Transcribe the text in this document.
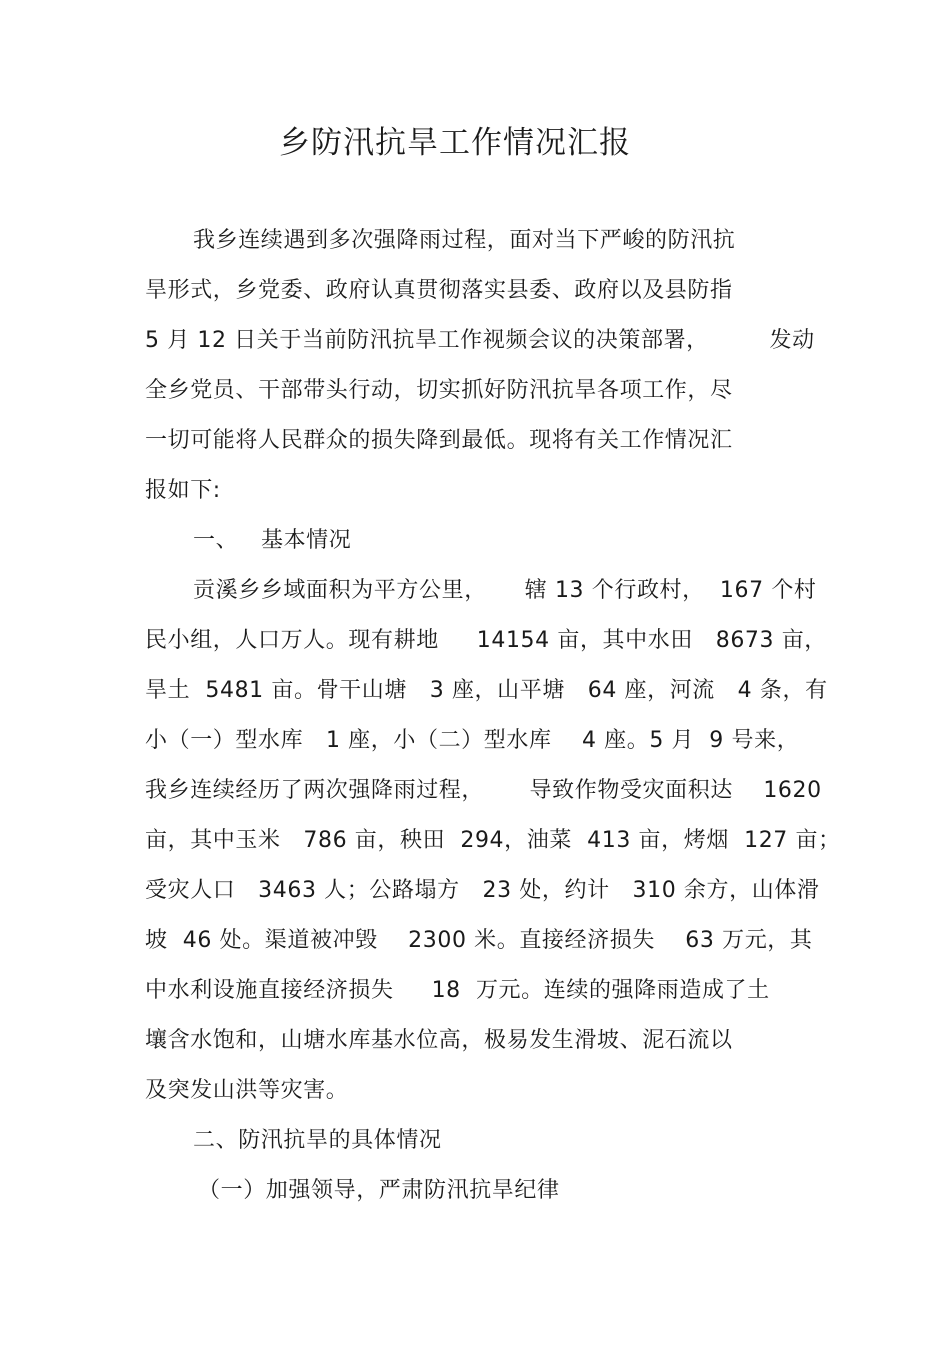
乡防汛抗旱工作情况汇报
我乡连续遇到多次强降雨过程，面对当下严峻的防汛抗
旱形式，乡党委、政府认真贯彻落实县委、政府以及县防指
5 月 12 日关于当前防汛抗旱工作视频会议的决策部署，        发动
全乡党员、干部带头行动，切实抓好防汛抗旱各项工作，尽
一切可能将人民群众的损失降到最低。现将有关工作情况汇
报如下:
一、   基本情况
贡溪乡乡域面积为平方公里，     辖 13 个行政村，  167 个村
民小组，人口万人。现有耕地     14154 亩，其中水田   8673 亩，
旱土  5481 亩。骨干山塘   3 座，山平塘   64 座，河流   4 条，有
小（一）型水库   1 座，小（二）型水库    4 座。5 月  9 号来，
我乡连续经历了两次强降雨过程，      导致作物受灾面积达    1620
亩，其中玉米   786 亩，秧田  294，油菜  413 亩，烤烟  127 亩；
受灾人口   3463 人；公路塌方   23 处，约计   310 余方，山体滑
坡  46 处。渠道被冲毁    2300 米。直接经济损失    63 万元，其
中水利设施直接经济损失     18  万元。连续的强降雨造成了土
壤含水饱和，山塘水库基水位高，极易发生滑坡、泥石流以
及突发山洪等灾害。
二、防汛抗旱的具体情况
（一）加强领导，严肃防汛抗旱纪律
